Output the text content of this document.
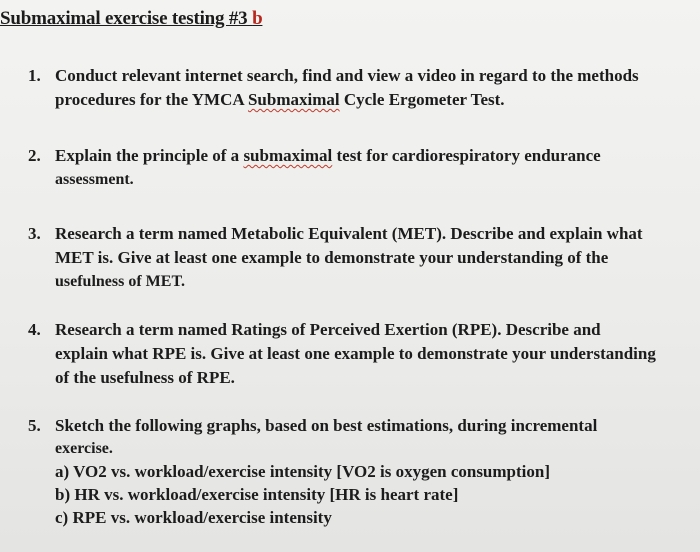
Submaximal exercise testing #3 b
1. Conduct relevant internet search, find and view a video in regard to the methods
procedures for the YMCA Submaximal Cycle Ergometer Test.
2. Explain the principle of a submaximal test for cardiorespiratory endurance
assessment.
3. Research a term named Metabolic Equivalent (MET). Describe and explain what
MET is. Give at least one example to demonstrate your understanding of the
usefulness of MET.
4. Research a term named Ratings of Perceived Exertion (RPE). Describe and
explain what RPE is. Give at least one example to demonstrate your understanding
of the usefulness of RPE.
5. Sketch the following graphs, based on best estimations, during incremental
exercise.
a) VO2 vs. workload/exercise intensity [VO2 is oxygen consumption]
b) HR vs. workload/exercise intensity [HR is heart rate]
c) RPE vs. workload/exercise intensity
